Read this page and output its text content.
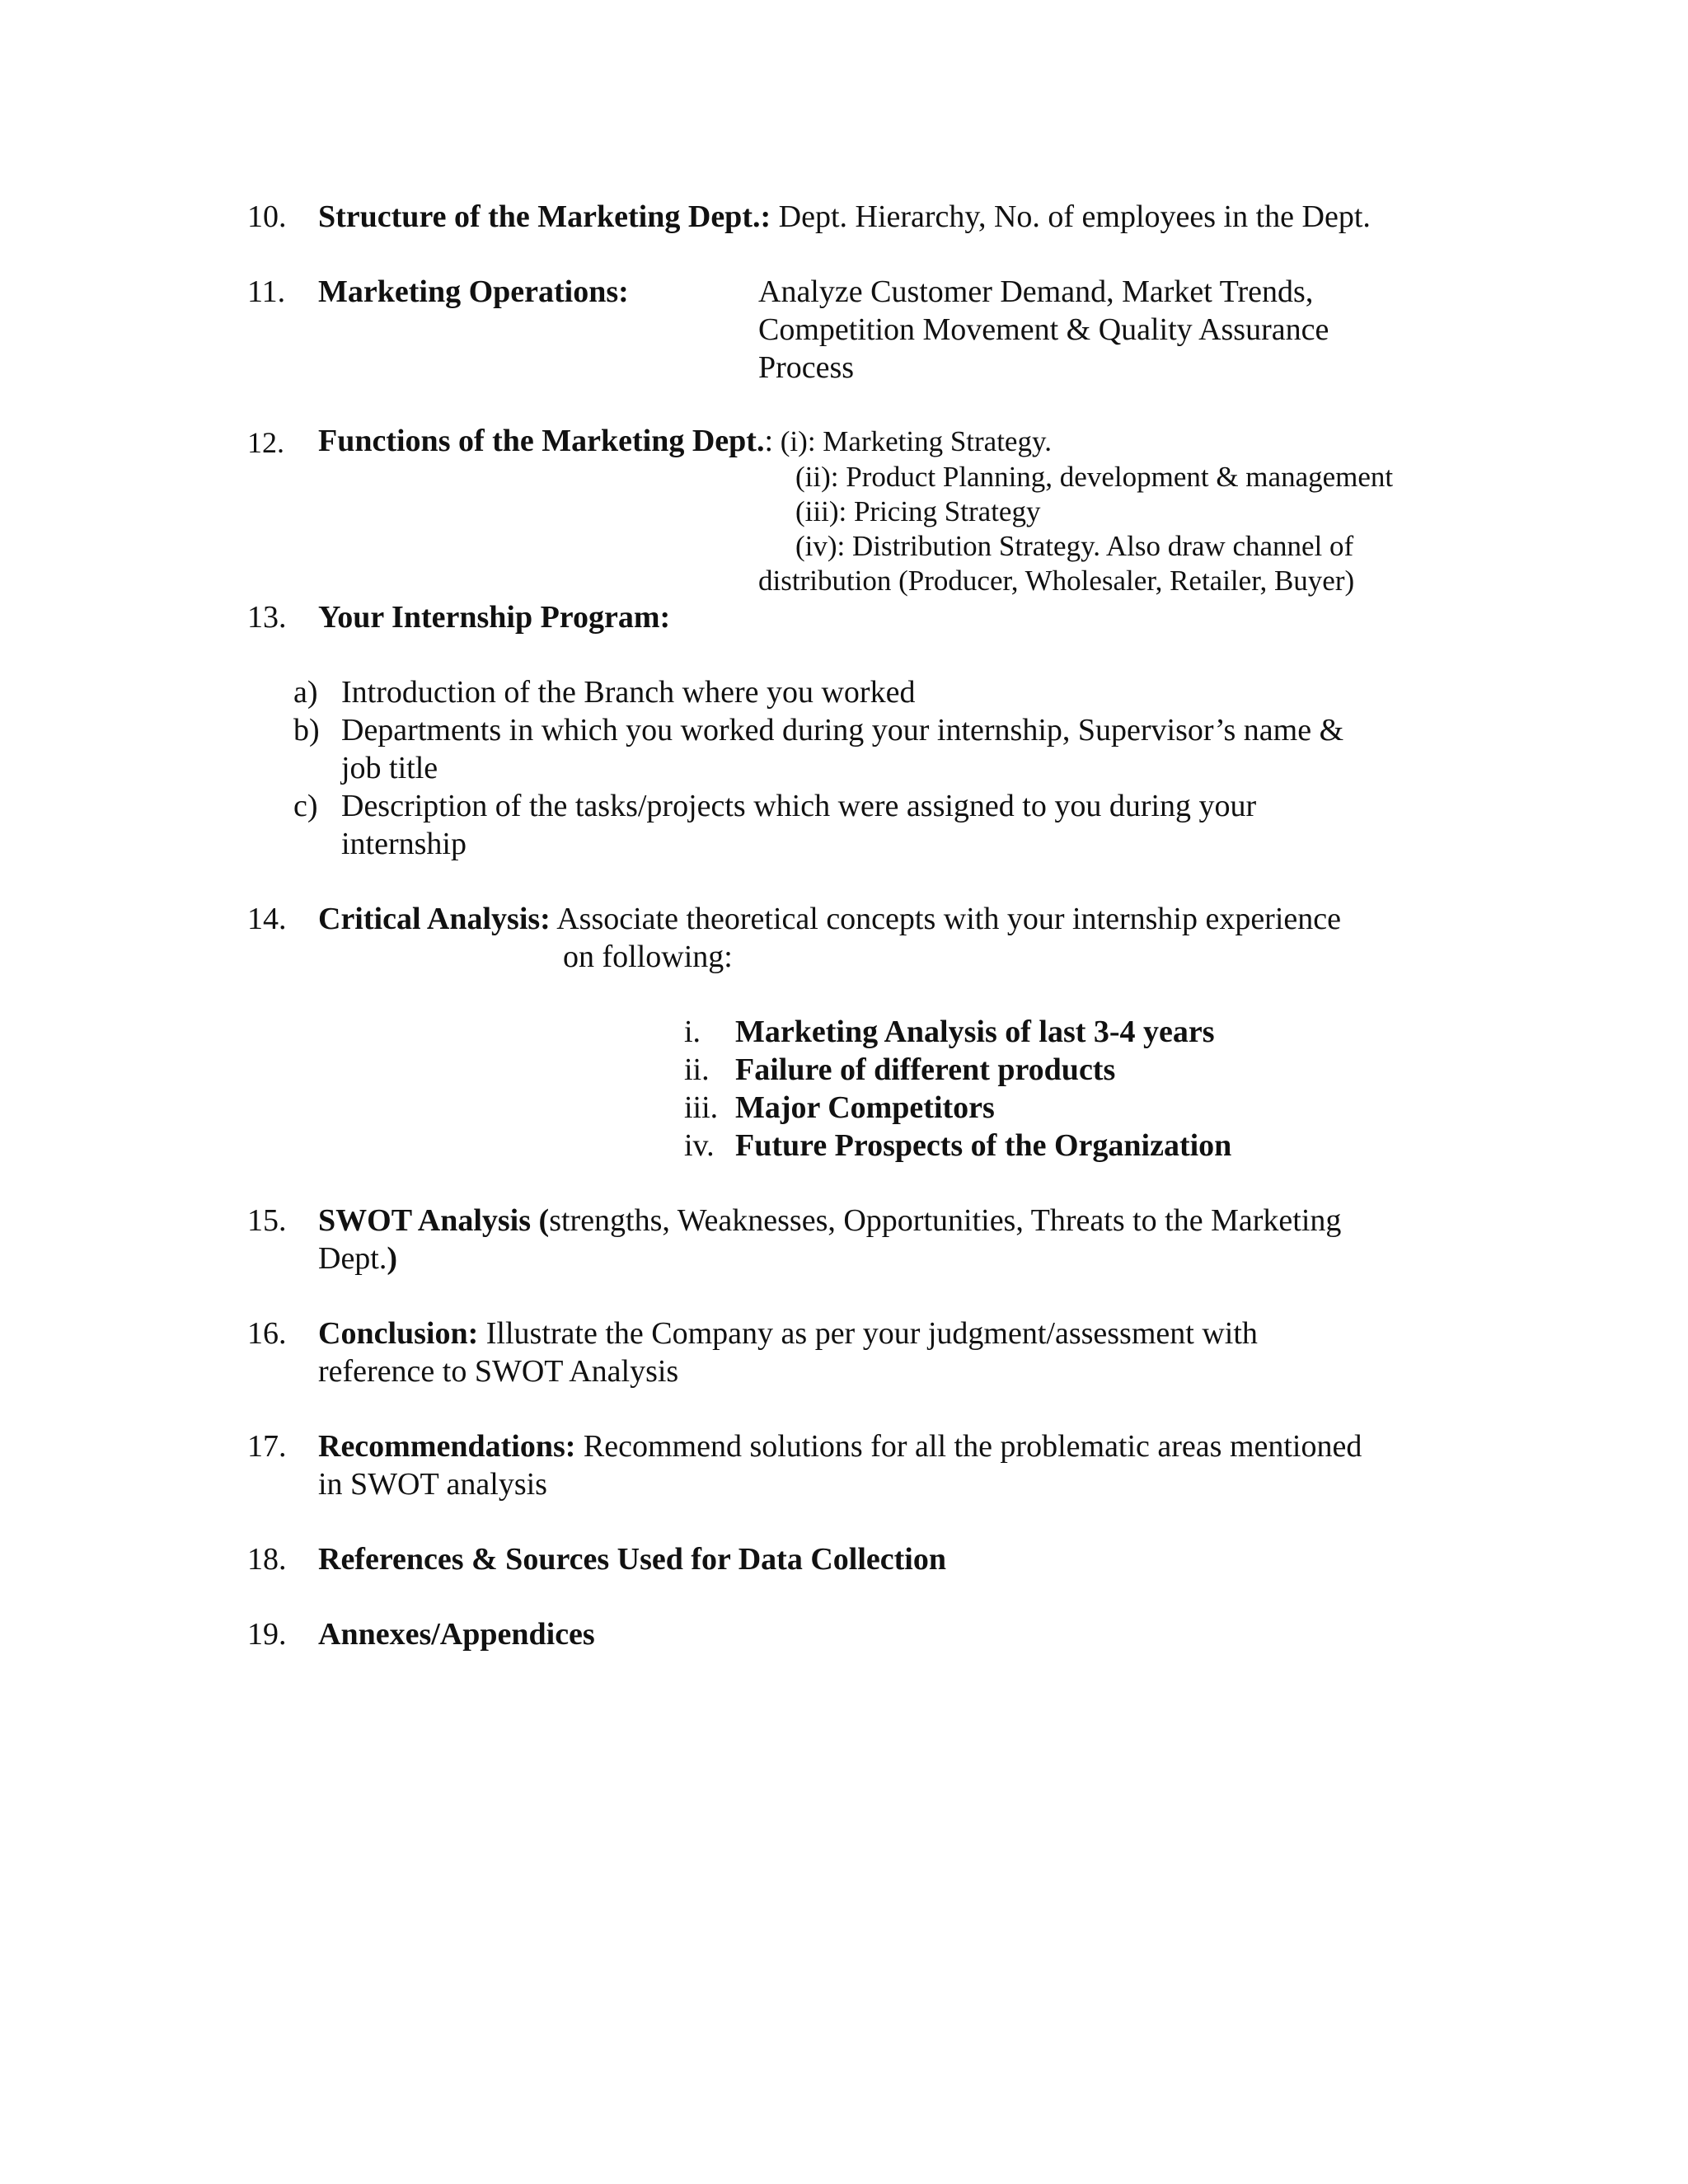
10. Structure of the Marketing Dept.: Dept. Hierarchy, No. of employees in the Dept.
11. Marketing Operations:	Analyze Customer Demand, Market Trends,
Competition Movement & Quality Assurance
Process
12. Functions of the Marketing Dept.: (i): Marketing Strategy.
(ii): Product Planning, development & management
(iii): Pricing Strategy
(iv): Distribution Strategy. Also draw channel of
distribution (Producer, Wholesaler, Retailer, Buyer)
13. Your Internship Program:
a) Introduction of the Branch where you worked
b) Departments in which you worked during your internship, Supervisor’s name &
job title
c) Description of the tasks/projects which were assigned to you during your
internship
14. Critical Analysis: Associate theoretical concepts with your internship experience
on following:
i. Marketing Analysis of last 3-4 years
ii. Failure of different products
iii. Major Competitors
iv. Future Prospects of the Organization
15. SWOT Analysis (strengths, Weaknesses, Opportunities, Threats to the Marketing
Dept.)
16. Conclusion: Illustrate the Company as per your judgment/assessment with
reference to SWOT Analysis
17. Recommendations: Recommend solutions for all the problematic areas mentioned
in SWOT analysis
18. References & Sources Used for Data Collection
19. Annexes/Appendices
